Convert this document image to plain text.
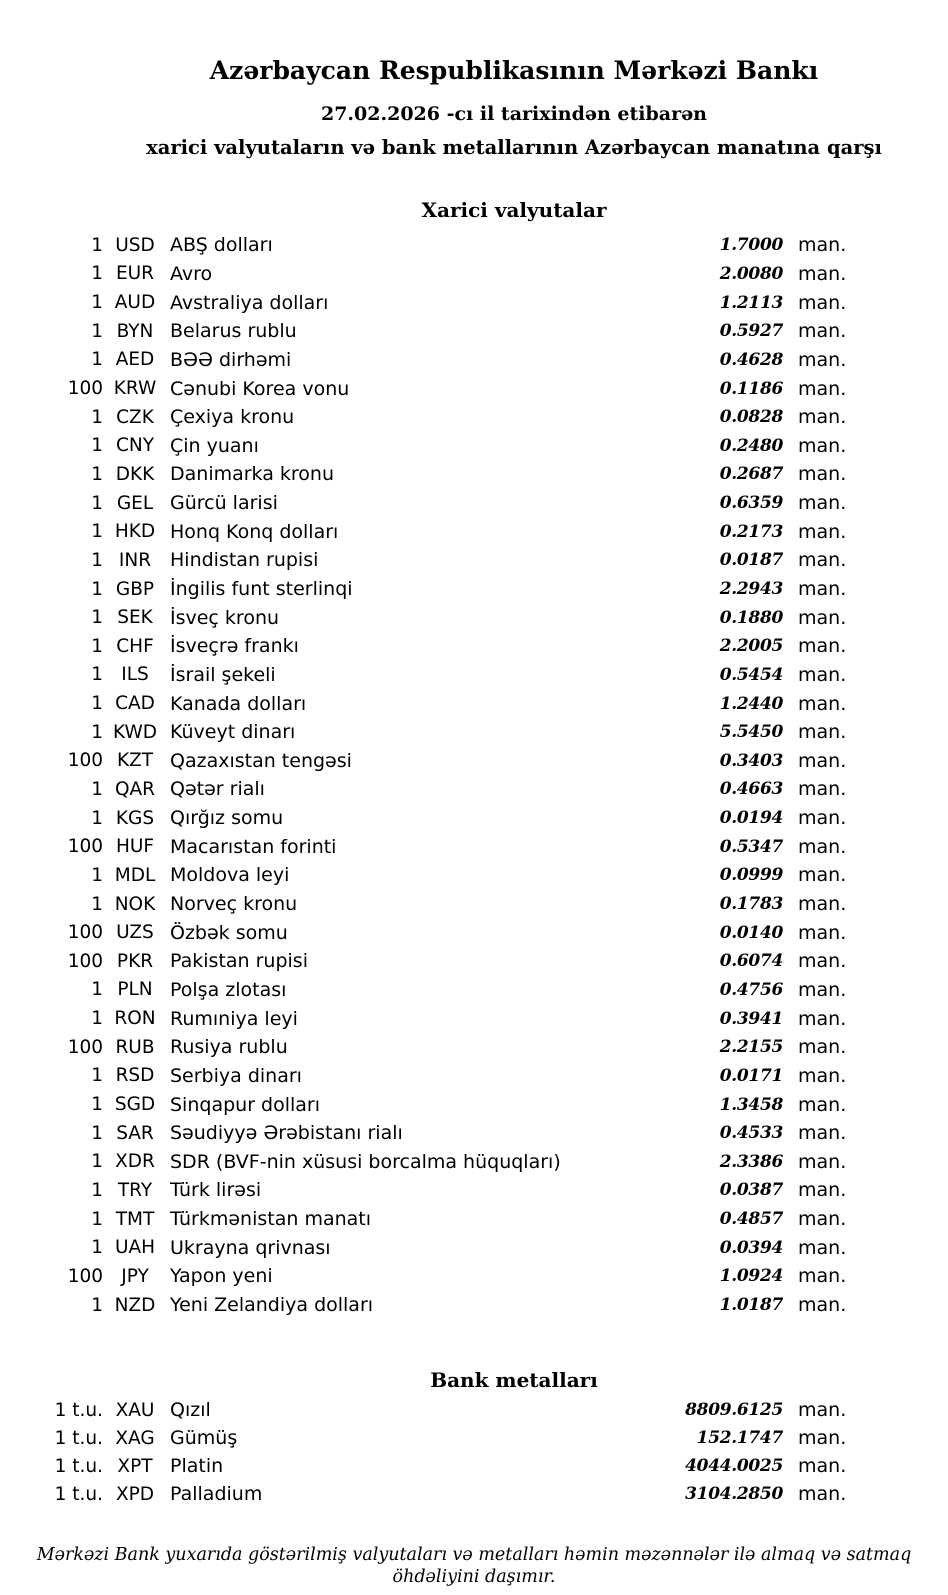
Azərbaycan Respublikasının Mərkəzi Bankı
27.02.2026 -cı il tarixindən etibarən
xarici valyutaların və bank metallarının Azərbaycan manatına qarşı
Xarici valyutalar
1 USD ABŞ dolları	1.7000 man.
1 EUR Avro	2.0080 man.
1 AUD Avstraliya dolları	1.2113 man.
1 BYN Belarus rublu	0.5927 man.
1 AED BƏƏ dirhəmi	0.4628 man.
100 KRW Cənubi Korea vonu	0.1186 man.
1 CZK Çexiya kronu	0.0828 man.
1 CNY Çin yuanı	0.2480 man.
1 DKK Danimarka kronu	0.2687 man.
1 GEL Gürcü larisi	0.6359 man.
1 HKD Honq Konq dolları	0.2173 man.
1 INR Hindistan rupisi	0.0187 man.
1 GBP İngilis funt sterlinqi	2.2943 man.
1 SEK İsveç kronu	0.1880 man.
1 CHF İsveçrə frankı	2.2005 man.
1 ILS	İsrail şekeli	0.5454 man.
1 CAD Kanada dolları	1.2440 man.
1 KWD Küveyt dinarı	5.5450 man.
100 KZT Qazaxıstan tengəsi	0.3403 man.
1 QAR Qətər rialı	0.4663 man.
1 KGS Qırğız somu	0.0194 man.
100 HUF Macarıstan forinti	0.5347 man.
1 MDL Moldova leyi	0.0999 man.
1 NOK Norveç kronu	0.1783 man.
100 UZS Özbək somu	0.0140 man.
100 PKR Pakistan rupisi	0.6074 man.
1 PLN Polşa zlotası	0.4756 man.
1 RON Rumıniya leyi	0.3941 man.
100 RUB Rusiya rublu	2.2155 man.
1 RSD Serbiya dinarı	0.0171 man.
1 SGD Sinqapur dolları	1.3458 man.
1 SAR Səudiyyə Ərəbistanı rialı	0.4533 man.
1 XDR SDR (BVF-nin xüsusi borcalma hüquqları)	2.3386 man.
1 TRY Türk lirəsi	0.0387 man.
1 TMT Türkmənistan manatı	0.4857 man.
1 UAH Ukrayna qrivnası	0.0394 man.
100 JPY	Yapon yeni	1.0924 man.
1 NZD Yeni Zelandiya dolları	1.0187 man.
Bank metalları
1 t.u. XAU Qızıl	8809.6125 man.
1 t.u. XAG Gümüş	152.1747 man.
1 t.u. XPT Platin	4044.0025 man.
1 t.u. XPD Palladium	3104.2850 man.
Mərkəzi Bank yuxarıda göstərilmiş valyutaları və metalları həmin məzənnələr ilə almaq və satmaq öhdəliyini daşımır.
